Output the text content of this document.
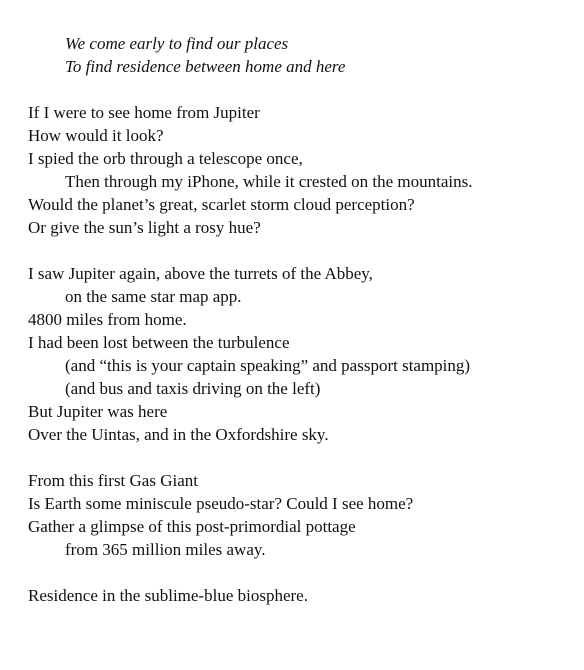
We come early to find our places
To find residence between home and here
If I were to see home from Jupiter
How would it look?
I spied the orb through a telescope once,
Then through my iPhone, while it crested on the mountains.
Would the planet’s great, scarlet storm cloud perception?
Or give the sun’s light a rosy hue?
I saw Jupiter again, above the turrets of the Abbey,
on the same star map app.
4800 miles from home.
I had been lost between the turbulence
(and “this is your captain speaking” and passport stamping)
(and bus and taxis driving on the left)
But Jupiter was here
Over the Uintas, and in the Oxfordshire sky.
From this first Gas Giant
Is Earth some miniscule pseudo-star? Could I see home?
Gather a glimpse of this post-primordial pottage
from 365 million miles away.
Residence in the sublime-blue biosphere.
